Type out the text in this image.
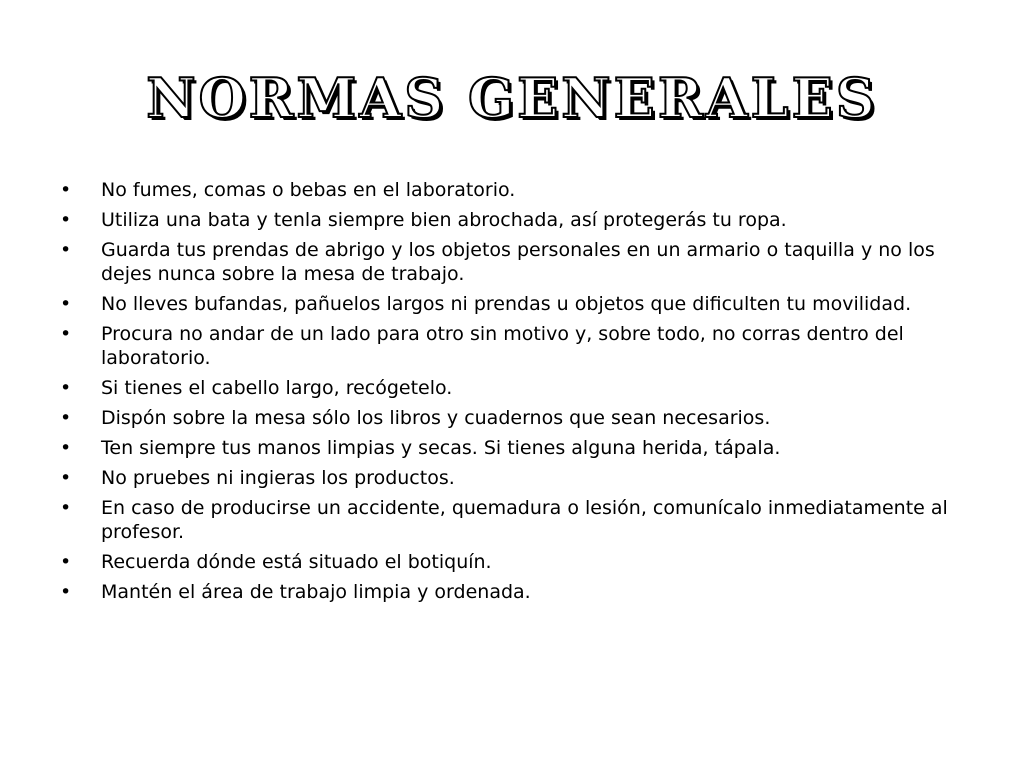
NORMAS GENERALES
• No fumes, comas o bebas en el laboratorio.
• Utiliza una bata y tenla siempre bien abrochada, así protegerás tu ropa.
• Guarda tus prendas de abrigo y los objetos personales en un armario o taquilla y no los dejes nunca sobre la mesa de trabajo.
• No lleves bufandas, pañuelos largos ni prendas u objetos que dificulten tu movilidad.
• Procura no andar de un lado para otro sin motivo y, sobre todo, no corras dentro del laboratorio.
• Si tienes el cabello largo, recógetelo.
• Dispón sobre la mesa sólo los libros y cuadernos que sean necesarios.
• Ten siempre tus manos limpias y secas. Si tienes alguna herida, tápala.
• No pruebes ni ingieras los productos.
• En caso de producirse un accidente, quemadura o lesión, comunícalo inmediatamente al profesor.
• Recuerda dónde está situado el botiquín.
• Mantén el área de trabajo limpia y ordenada.
